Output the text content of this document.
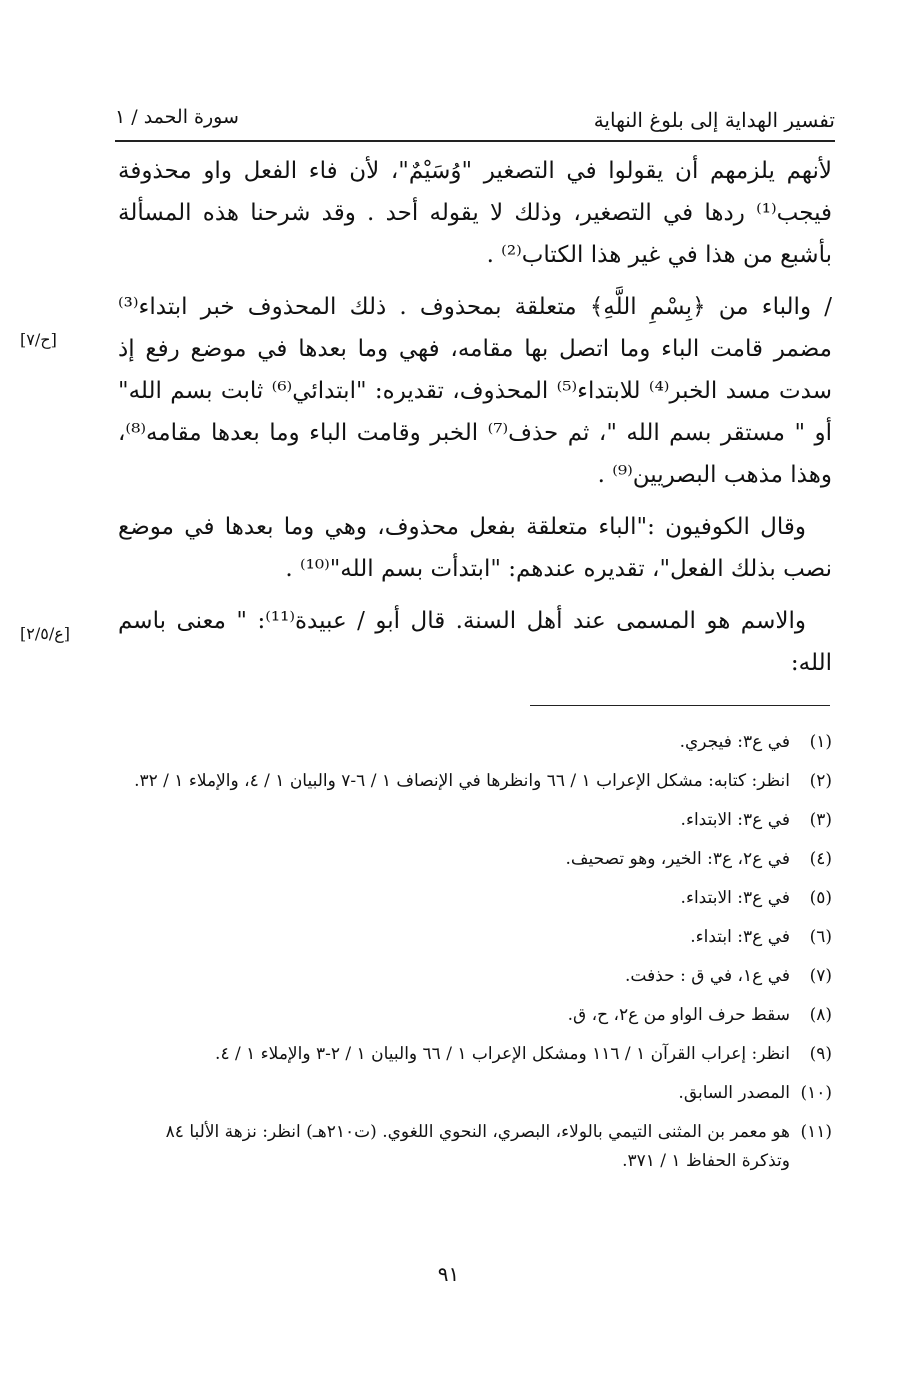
تفسير الهداية إلى بلوغ النهاية
سورة الحمد / ١

لأنهم يلزمهم أن يقولوا في التصغير "وُسَيْمٌ"، لأن فاء الفعل واو محذوفة فيجب⁽¹⁾ ردها في التصغير، وذلك لا يقوله أحد . وقد شرحنا هذه المسألة بأشبع من هذا في غير هذا الكتاب⁽²⁾ .

/ والباء من ﴿بِسْمِ اللَّهِ﴾ متعلقة بمحذوف . ذلك المحذوف خبر ابتداء⁽³⁾ مضمر قامت الباء وما اتصل بها مقامه، فهي وما بعدها في موضع رفع إذ سدت مسد الخبر⁽⁴⁾ للابتداء⁽⁵⁾ المحذوف، تقديره: "ابتدائي⁽⁶⁾ ثابت بسم الله" أو " مستقر بسم الله "، ثم حذف⁽⁷⁾ الخبر وقامت الباء وما بعدها مقامه⁽⁸⁾، وهذا مذهب البصريين⁽⁹⁾ .

وقال الكوفيون :"الباء متعلقة بفعل محذوف، وهي وما بعدها في موضع نصب بذلك الفعل"، تقديره عندهم: "ابتدأت بسم الله"⁽¹⁰⁾ .

والاسم هو المسمى عند أهل السنة. قال أبو / عبيدة⁽¹¹⁾: " معنى باسم الله:

[ح/٧]
[ع/٢/٥]
(١)
في ع٣: فيجري.
(٢)
انظر: كتابه: مشكل الإعراب ١ / ٦٦ وانظرها في الإنصاف ١ / ٦-٧ والبيان ١ / ٤، والإملاء ١ / ٣٢.
(٣)
في ع٣: الابتداء.
(٤)
في ع٢، ع٣: الخير، وهو تصحيف.
(٥)
في ع٣: الابتداء.
(٦)
في ع٣: ابتداء.
(٧)
في ع١، في ق : حذفت.
(٨)
سقط حرف الواو من ع٢، ح، ق.
(٩)
انظر: إعراب القرآن ١ / ١١٦ ومشكل الإعراب ١ / ٦٦ والبيان ١ / ٢-٣ والإملاء ١ / ٤.
(١٠)
المصدر السابق.
(١١)
هو معمر بن المثنى التيمي بالولاء، البصري، النحوي اللغوي. (ت٢١٠هـ) انظر: نزهة الألبا ٨٤ وتذكرة الحفاظ ١ / ٣٧١.
٩١
